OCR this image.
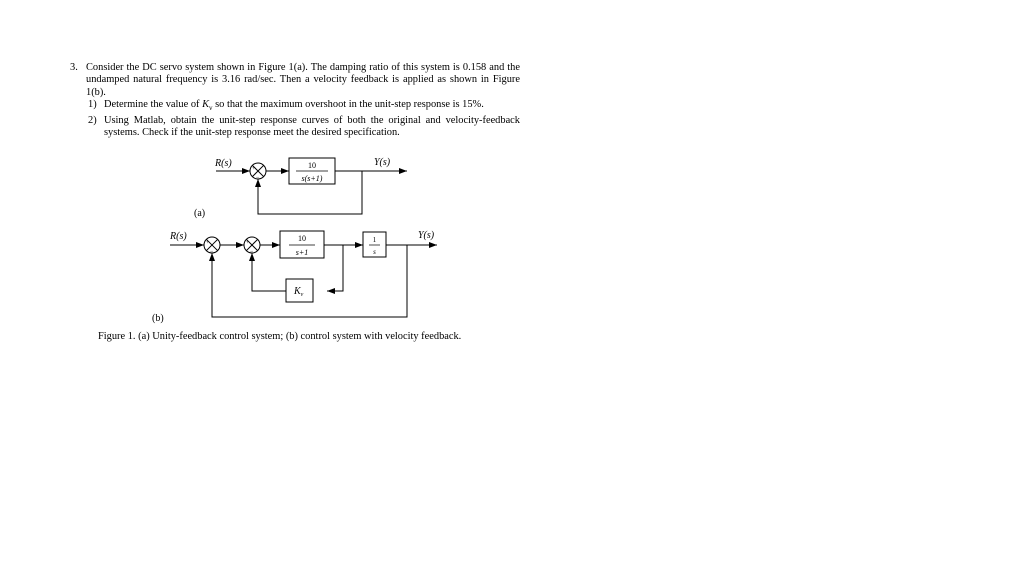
3. Consider the DC servo system shown in Figure 1(a). The damping ratio of this system is 0.158 and the undamped natural frequency is 3.16 rad/sec. Then a velocity feedback is applied as shown in Figure 1(b).

1) Determine the value of $K_v$ so that the maximum overshoot in the unit-step response is 15%.

2) Using Matlab, obtain the unit-step response curves of both the original and velocity-feedback systems. Check if the unit-step response meet the desired specification.

R(s)	+
−
10
s(s+1)
Y(s)
(a)
R(s)
+
−
+
−
10
s+1
1
s
Y(s)
$K_v$
(b)
Figure 1. (a) Unity-feedback control system; (b) control system with velocity feedback.
